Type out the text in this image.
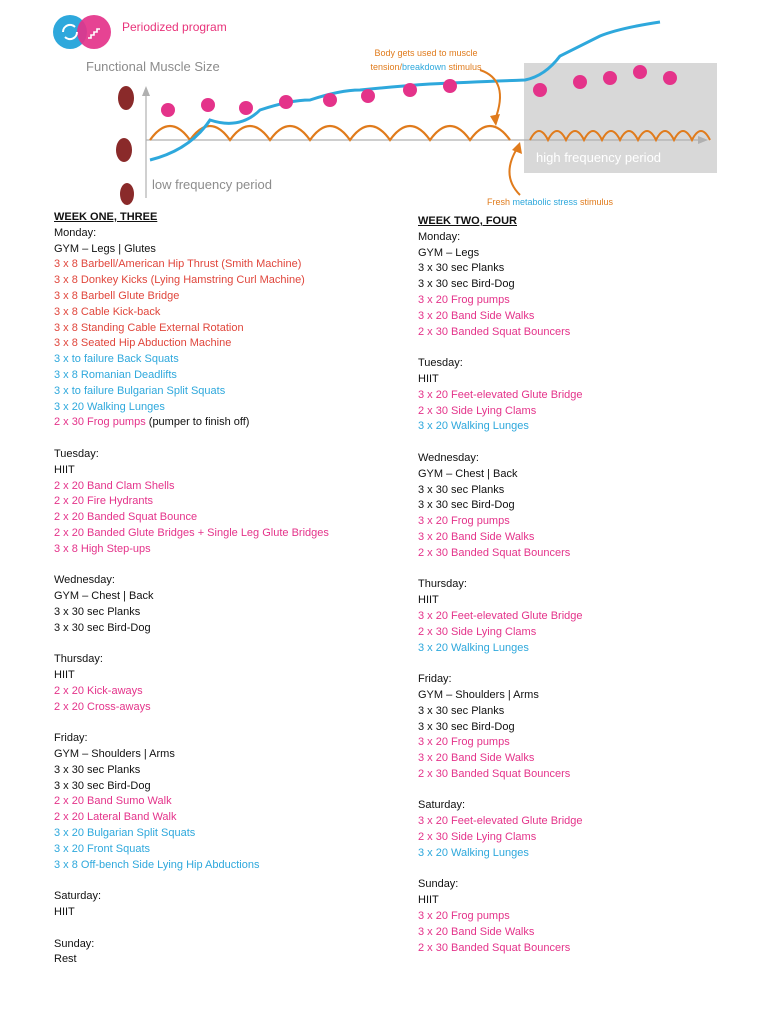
Periodized program
Functional Muscle Size
Body gets used to muscle
tension/breakdown stimulus
high frequency period
low frequency period
Fresh metabolic stress stimulus
WEEK ONE, THREE
Monday:
GYM – Legs | Glutes
3 x 8 Barbell/American Hip Thrust (Smith Machine)
3 x 8 Donkey Kicks (Lying Hamstring Curl Machine)
3 x 8 Barbell Glute Bridge
3 x 8 Cable Kick-back
3 x 8 Standing Cable External Rotation
3 x 8 Seated Hip Abduction Machine
3 x to failure Back Squats
3 x 8 Romanian Deadlifts
3 x to failure Bulgarian Split Squats
3 x 20 Walking Lunges
2 x 30 Frog pumps (pumper to finish off)
Tuesday:
HIIT
2 x 20 Band Clam Shells
2 x 20 Fire Hydrants
2 x 20 Banded Squat Bounce
2 x 20 Banded Glute Bridges + Single Leg Glute Bridges
3 x 8 High Step-ups
Wednesday:
GYM – Chest | Back
3 x 30 sec Planks
3 x 30 sec Bird-Dog
Thursday:
HIIT
2 x 20 Kick-aways
2 x 20 Cross-aways
Friday:
GYM – Shoulders | Arms
3 x 30 sec Planks
3 x 30 sec Bird-Dog
2 x 20 Band Sumo Walk
2 x 20 Lateral Band Walk
3 x 20 Bulgarian Split Squats
3 x 20 Front Squats
3 x 8 Off-bench Side Lying Hip Abductions
Saturday:
HIIT
Sunday:
Rest
WEEK TWO, FOUR
Monday:
GYM – Legs
3 x 30 sec Planks
3 x 30 sec Bird-Dog
3 x 20 Frog pumps
3 x 20 Band Side Walks
2 x 30 Banded Squat Bouncers
Tuesday:
HIIT
3 x 20 Feet-elevated Glute Bridge
2 x 30 Side Lying Clams
3 x 20 Walking Lunges
Wednesday:
GYM – Chest | Back
3 x 30 sec Planks
3 x 30 sec Bird-Dog
3 x 20 Frog pumps
3 x 20 Band Side Walks
2 x 30 Banded Squat Bouncers
Thursday:
HIIT
3 x 20 Feet-elevated Glute Bridge
2 x 30 Side Lying Clams
3 x 20 Walking Lunges
Friday:
GYM – Shoulders | Arms
3 x 30 sec Planks
3 x 30 sec Bird-Dog
3 x 20 Frog pumps
3 x 20 Band Side Walks
2 x 30 Banded Squat Bouncers
Saturday:
3 x 20 Feet-elevated Glute Bridge
2 x 30 Side Lying Clams
3 x 20 Walking Lunges
Sunday:
HIIT
3 x 20 Frog pumps
3 x 20 Band Side Walks
2 x 30 Banded Squat Bouncers
